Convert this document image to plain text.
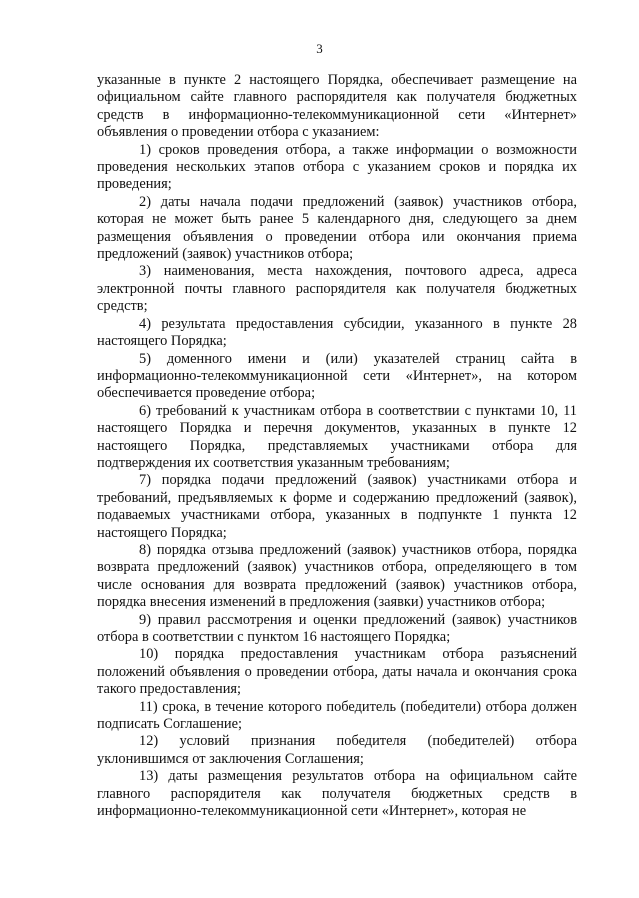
3

указанные в пункте 2 настоящего Порядка, обеспечивает размещение на официальном сайте главного распорядителя как получателя бюджетных средств в информационно-телекоммуникационной сети «Интернет» объявления о проведении отбора с указанием:

1) сроков проведения отбора, а также информации о возможности проведения нескольких этапов отбора с указанием сроков и порядка их проведения;

2) даты начала подачи предложений (заявок) участников отбора, которая не может быть ранее 5 календарного дня, следующего за днем размещения объявления о проведении отбора или окончания приема предложений (заявок) участников отбора;

3) наименования, места нахождения, почтового адреса, адреса электронной почты главного распорядителя как получателя бюджетных средств;

4) результата предоставления субсидии, указанного в пункте 28 настоящего Порядка;

5) доменного имени и (или) указателей страниц сайта в информационно-телекоммуникационной сети «Интернет», на котором обеспечивается проведение отбора;

6) требований к участникам отбора в соответствии с пунктами 10, 11 настоящего Порядка и перечня документов, указанных в пункте 12 настоящего Порядка, представляемых участниками отбора для подтверждения их соответствия указанным требованиям;

7) порядка подачи предложений (заявок) участниками отбора и требований, предъявляемых к форме и содержанию предложений (заявок), подаваемых участниками отбора, указанных в подпункте 1 пункта 12 настоящего Порядка;

8) порядка отзыва предложений (заявок) участников отбора, порядка возврата предложений (заявок) участников отбора, определяющего в том числе основания для возврата предложений (заявок) участников отбора, порядка внесения изменений в предложения (заявки) участников отбора;

9) правил рассмотрения и оценки предложений (заявок) участников отбора в соответствии с пунктом 16 настоящего Порядка;

10) порядка предоставления участникам отбора разъяснений положений объявления о проведении отбора, даты начала и окончания срока такого предоставления;

11) срока, в течение которого победитель (победители) отбора должен подписать Соглашение;

12) условий признания победителя (победителей) отбора уклонившимся от заключения Соглашения;

13) даты размещения результатов отбора на официальном сайте главного распорядителя как получателя бюджетных средств в информационно-телекоммуникационной сети «Интернет», которая не
